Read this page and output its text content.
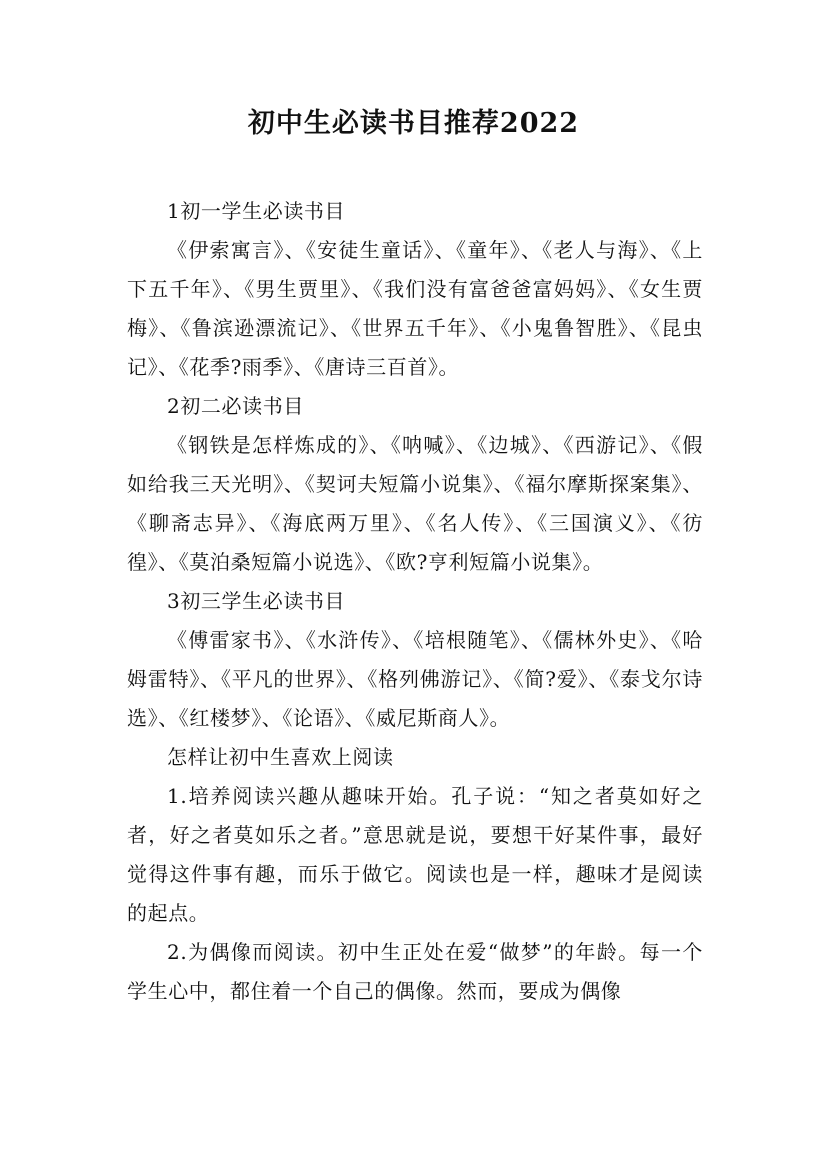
初中生必读书目推荐2022

1初一学生必读书目

《伊索寓言》、《安徒生童话》、《童年》、《老人与海》、《上下五千年》、《男生贾里》、《我们没有富爸爸富妈妈》、《女生贾梅》、《鲁滨逊漂流记》、《世界五千年》、《小鬼鲁智胜》、《昆虫记》、《花季?雨季》、《唐诗三百首》。

2初二必读书目

《钢铁是怎样炼成的》、《呐喊》、《边城》、《西游记》、《假如给我三天光明》、《契诃夫短篇小说集》、《福尔摩斯探案集》、《聊斋志异》、《海底两万里》、《名人传》、《三国演义》、《彷徨》、《莫泊桑短篇小说选》、《欧?亨利短篇小说集》。

3初三学生必读书目

《傅雷家书》、《水浒传》、《培根随笔》、《儒林外史》、《哈姆雷特》、《平凡的世界》、《格列佛游记》、《简?爱》、《泰戈尔诗选》、《红楼梦》、《论语》、《威尼斯商人》。

怎样让初中生喜欢上阅读

1.培养阅读兴趣从趣味开始。孔子说：“知之者莫如好之者，好之者莫如乐之者。”意思就是说，要想干好某件事，最好觉得这件事有趣，而乐于做它。阅读也是一样，趣味才是阅读的起点。

2.为偶像而阅读。初中生正处在爱“做梦”的年龄。每一个学生心中，都住着一个自己的偶像。然而，要成为偶像
